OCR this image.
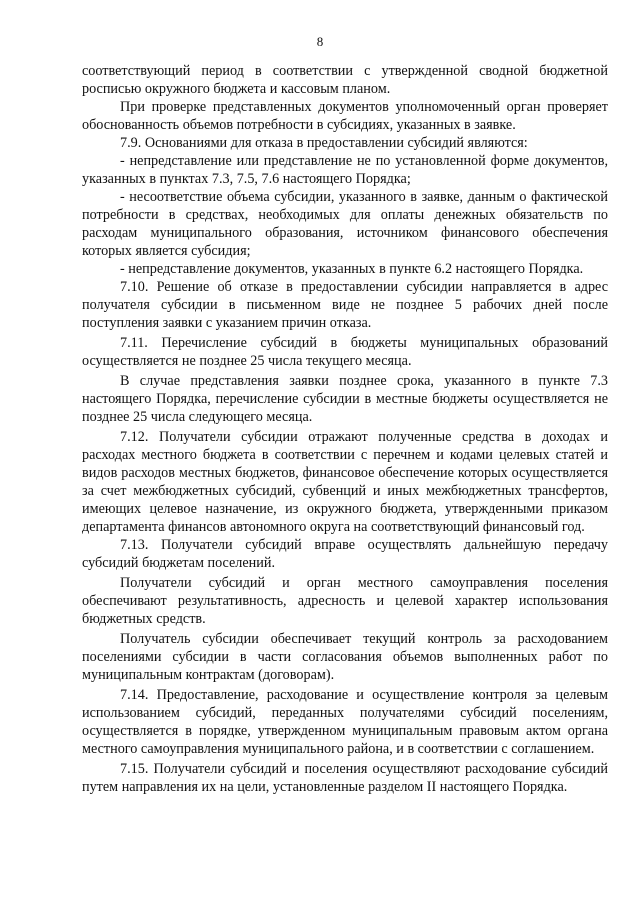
8

соответствующий период в соответствии с утвержденной сводной бюджетной росписью окружного бюджета и кассовым планом.

При проверке представленных документов уполномоченный орган проверяет обоснованность объемов потребности в субсидиях, указанных в заявке.

7.9. Основаниями для отказа в предоставлении субсидий являются:

- непредставление или представление не по установленной форме документов, указанных в пунктах 7.3, 7.5, 7.6 настоящего Порядка;

- несоответствие объема субсидии, указанного в заявке, данным о фактической потребности в средствах, необходимых для оплаты денежных обязательств по расходам муниципального образования, источником финансового обеспечения которых является субсидия;

- непредставление документов, указанных в пункте 6.2 настоящего Порядка.

7.10. Решение об отказе в предоставлении субсидии направляется в адрес получателя субсидии в письменном виде не позднее 5 рабочих дней после поступления заявки с указанием причин отказа.

7.11. Перечисление субсидий в бюджеты муниципальных образований осуществляется не позднее 25 числа текущего месяца.

В случае представления заявки позднее срока, указанного в пункте 7.3 настоящего Порядка, перечисление субсидии в местные бюджеты осуществляется не позднее 25 числа следующего месяца.

7.12. Получатели субсидии отражают полученные средства в доходах и расходах местного бюджета в соответствии с перечнем и кодами целевых статей и видов расходов местных бюджетов, финансовое обеспечение которых осуществляется за счет межбюджетных субсидий, субвенций и иных межбюджетных трансфертов, имеющих целевое назначение, из окружного бюджета, утвержденными приказом департамента финансов автономного округа на соответствующий финансовый год.

7.13. Получатели субсидий вправе осуществлять дальнейшую передачу субсидий бюджетам поселений.

Получатели субсидий и орган местного самоуправления поселения обеспечивают результативность, адресность и целевой характер использования бюджетных средств.

Получатель субсидии обеспечивает текущий контроль за расходованием поселениями субсидии в части согласования объемов выполненных работ по муниципальным контрактам (договорам).

7.14. Предоставление, расходование и осуществление контроля за целевым использованием субсидий, переданных получателями субсидий поселениям, осуществляется в порядке, утвержденном муниципальным правовым актом органа местного самоуправления муниципального района, и в соответствии с соглашением.

7.15. Получатели субсидий и поселения осуществляют расходование субсидий путем направления их на цели, установленные разделом II настоящего Порядка.
